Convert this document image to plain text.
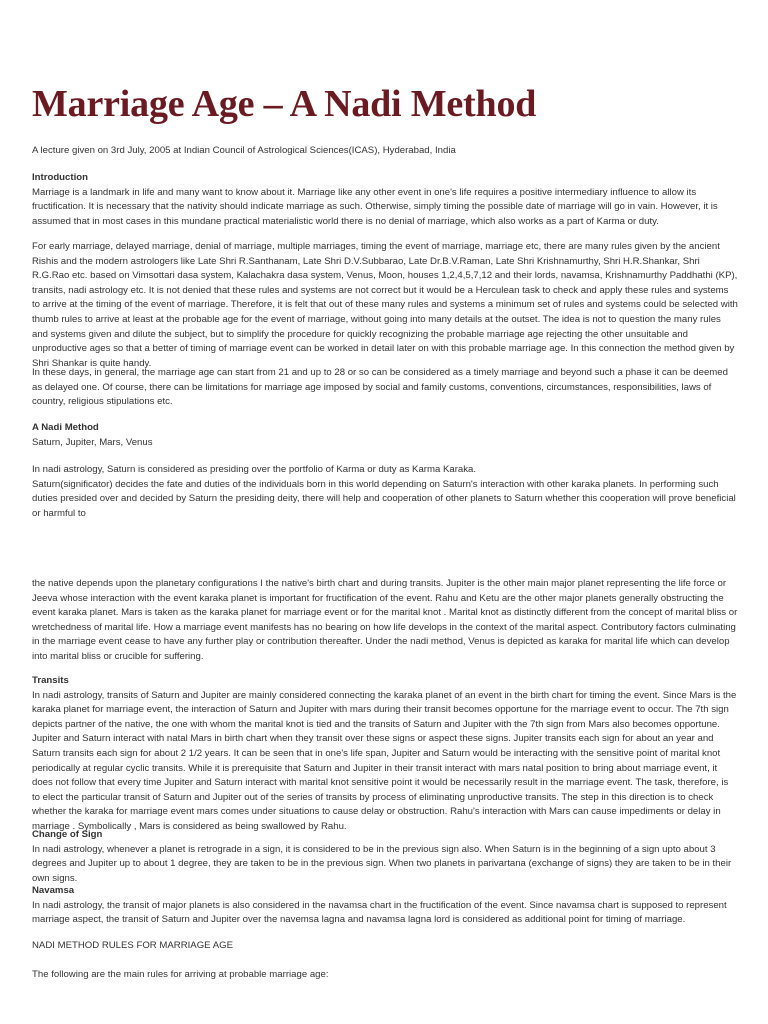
Marriage Age – A Nadi Method

A lecture given on 3rd July, 2005 at Indian Council of Astrological Sciences(ICAS), Hyderabad, India

Introduction
Marriage is a landmark in life and many want to know about it. Marriage like any other event in one's life requires a positive intermediary influence to allow its fructification. It is necessary that the nativity should indicate marriage as such. Otherwise, simply timing the possible date of marriage will go in vain. However, it is assumed that in most cases in this mundane practical materialistic world there is no denial of marriage, which also works as a part of Karma or duty.

For early marriage, delayed marriage, denial of marriage, multiple marriages, timing the event of marriage, marriage etc, there are many rules given by the ancient Rishis and the modern astrologers like Late Shri R.Santhanam, Late Shri D.V.Subbarao, Late Dr.B.V.Raman, Late Shri Krishnamurthy, Shri H.R.Shankar, Shri R.G.Rao etc. based on Vimsottari dasa system, Kalachakra dasa system, Venus, Moon, houses 1,2,4,5,7,12 and their lords, navamsa, Krishnamurthy Paddhathi (KP), transits, nadi astrology etc. It is not denied that these rules and systems are not correct but it would be a Herculean task to check and apply these rules and systems to arrive at the timing of the event of marriage. Therefore, it is felt that out of these many rules and systems a minimum set of rules and systems could be selected with thumb rules to arrive at least at the probable age for the event of marriage, without going into many details at the outset. The idea is not to question the many rules and systems given and dilute the subject, but to simplify the procedure for quickly recognizing the probable marriage age rejecting the other unsuitable and unproductive ages so that a better of timing of marriage event can be worked in detail later on with this probable marriage age. In this connection the method given by Shri Shankar is quite handy.

In these days, in general, the marriage age can start from 21 and up to 28 or so can be considered as a timely marriage and beyond such a phase it can be deemed as delayed one. Of course, there can be limitations for marriage age imposed by social and family customs, conventions, circumstances, responsibilities, laws of country, religious stipulations etc.

A Nadi Method
Saturn, Jupiter, Mars, Venus
In nadi astrology, Saturn is considered as presiding over the portfolio of Karma or duty as Karma Karaka.
Saturn(significator) decides the fate and duties of the individuals born in this world depending on Saturn's interaction with other karaka planets. In performing such duties presided over and decided by Saturn the presiding deity, there will help and cooperation of other planets to Saturn whether this cooperation will prove beneficial or harmful to

the native depends upon the planetary configurations I the native's birth chart and during transits. Jupiter is the other main major planet representing the life force or Jeeva whose interaction with the event karaka planet is important for fructification of the event. Rahu and Ketu are the other major planets generally obstructing the event karaka planet. Mars is taken as the karaka planet for marriage event or for the marital knot . Marital knot as distinctly different from the concept of marital bliss or wretchedness of marital life. How a marriage event manifests has no bearing on how life develops in the context of the marital aspect. Contributory factors culminating in the marriage event cease to have any further play or contribution thereafter. Under the nadi method, Venus is depicted as karaka for marital life which can develop into marital bliss or crucible for suffering.

Transits
In nadi astrology, transits of Saturn and Jupiter are mainly considered connecting the karaka planet of an event in the birth chart for timing the event. Since Mars is the karaka planet for marriage event, the interaction of Saturn and Jupiter with mars during their transit becomes opportune for the marriage event to occur. The 7th sign depicts partner of the native, the one with whom the marital knot is tied and the transits of Saturn and Jupiter with the 7th sign from Mars also becomes opportune. Jupiter and Saturn interact with natal Mars in birth chart when they transit over these signs or aspect these signs. Jupiter transits each sign for about an year and Saturn transits each sign for about 2 1/2 years. It can be seen that in one's life span, Jupiter and Saturn would be interacting with the sensitive point of marital knot periodically at regular cyclic transits. While it is prerequisite that Saturn and Jupiter in their transit interact with mars natal position to bring about marriage event, it does not follow that every time Jupiter and Saturn interact with marital knot sensitive point it would be necessarily result in the marriage event. The task, therefore, is to elect the particular transit of Saturn and Jupiter out of the series of transits by process of eliminating unproductive transits. The step in this direction is to check whether the karaka for marriage event mars comes under situations to cause delay or obstruction. Rahu's interaction with Mars can cause impediments or delay in marriage . Symbolically , Mars is considered as being swallowed by Rahu.
Change of Sign
In nadi astrology, whenever a planet is retrograde in a sign, it is considered to be in the previous sign also. When Saturn is in the beginning of a sign upto about 3 degrees and Jupiter up to about 1 degree, they are taken to be in the previous sign. When two planets in parivartana (exchange of signs) they are taken to be in their own signs.
Navamsa
In nadi astrology, the transit of major planets is also considered in the navamsa chart in the fructification of the event. Since navamsa chart is supposed to represent marriage aspect, the transit of Saturn and Jupiter over the navemsa lagna and navamsa lagna lord is considered as additional point for timing of marriage.

NADI METHOD RULES FOR MARRIAGE AGE

The following are the main rules for arriving at probable marriage age:
